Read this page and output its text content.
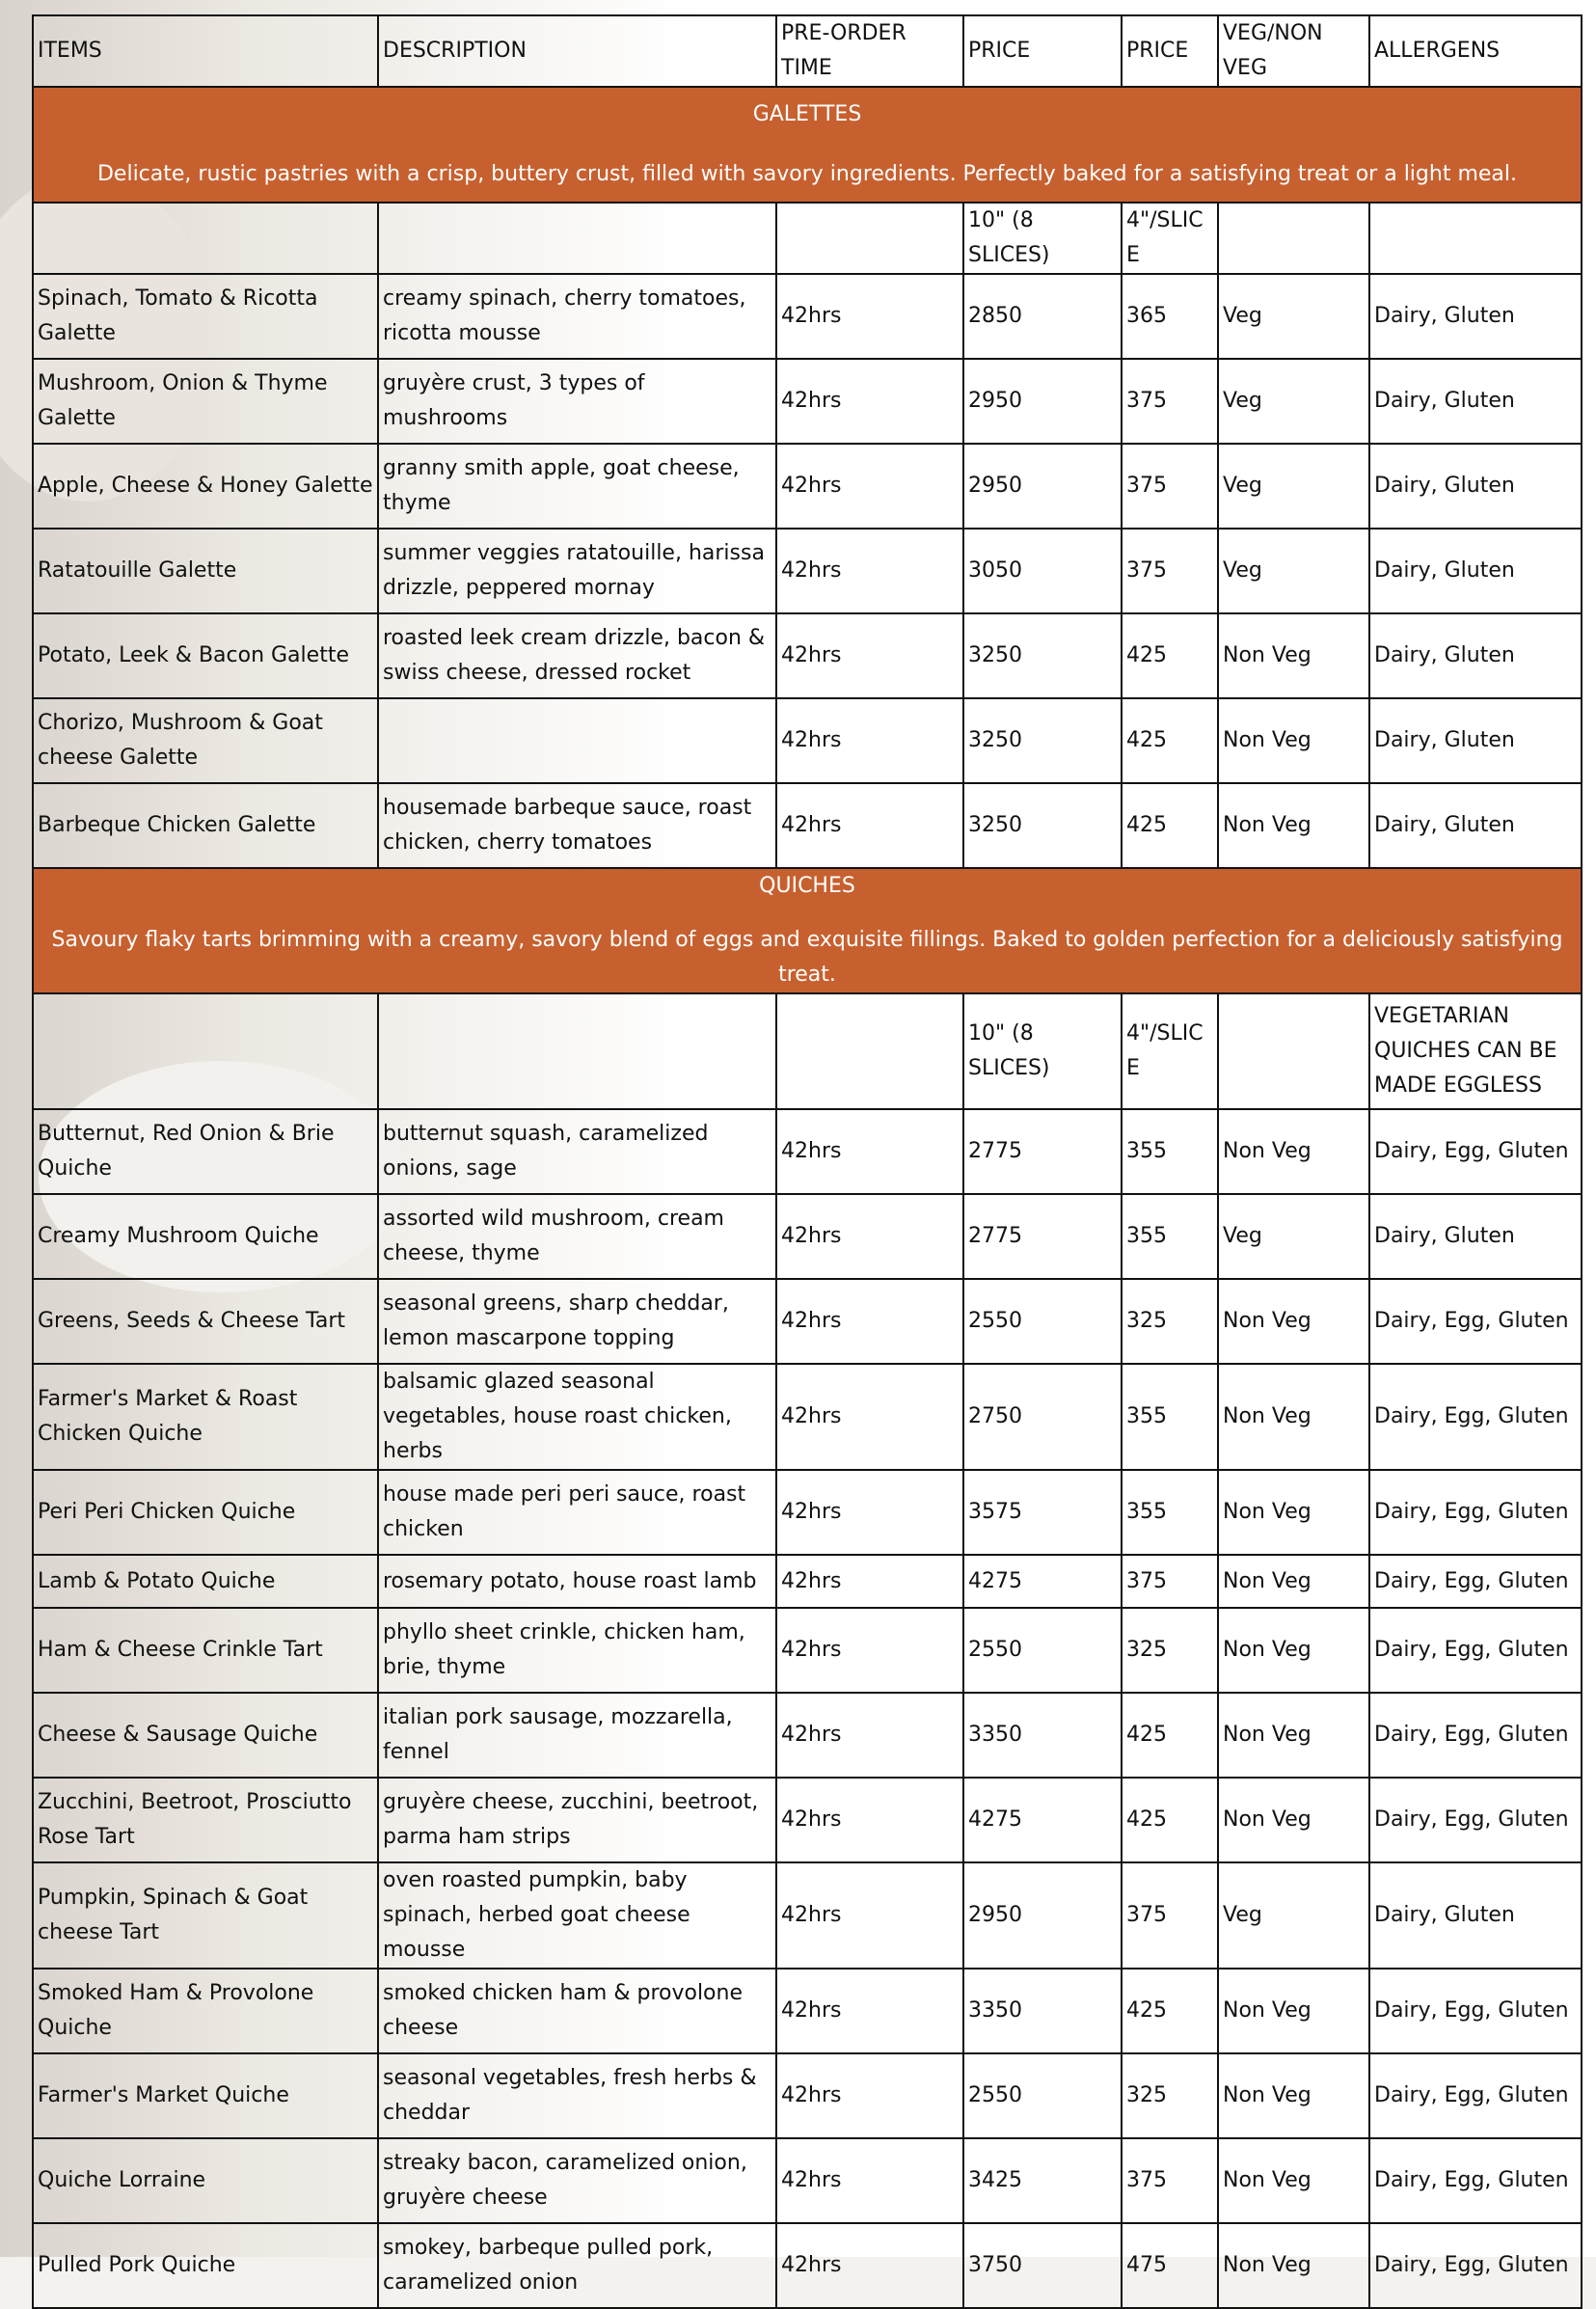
ITEMS	DESCRIPTION	PRE-ORDER TIME	PRICE	PRICE	VEG/NON VEG	ALLERGENS

GALETTES
Delicate, rustic pastries with a crisp, buttery crust, filled with savory ingredients. Perfectly baked for a satisfying treat or a light meal.						
			10" (8 SLICES)	4"/SLICE		
Spinach, Tomato & Ricotta Galette	creamy spinach, cherry tomatoes, ricotta mousse	42hrs	2850	365	Veg	Dairy, Gluten
Mushroom, Onion & Thyme Galette	gruyère crust, 3 types of mushrooms	42hrs	2950	375	Veg	Dairy, Gluten
Apple, Cheese & Honey Galette	granny smith apple, goat cheese, thyme	42hrs	2950	375	Veg	Dairy, Gluten
Ratatouille Galette	summer veggies ratatouille, harissa drizzle, peppered mornay	42hrs	3050	375	Veg	Dairy, Gluten
Potato, Leek & Bacon Galette	roasted leek cream drizzle, bacon & swiss cheese, dressed rocket	42hrs	3250	425	Non Veg	Dairy, Gluten
Chorizo, Mushroom & Goat cheese Galette		42hrs	3250	425	Non Veg	Dairy, Gluten
Barbeque Chicken Galette	housemade barbeque sauce, roast chicken, cherry tomatoes	42hrs	3250	425	Non Veg	Dairy, Gluten

QUICHES
Savoury flaky tarts brimming with a creamy, savory blend of eggs and exquisite fillings. Baked to golden perfection for a deliciously satisfying treat.						
			10" (8 SLICES)	4"/SLICE		VEGETARIAN QUICHES CAN BE MADE EGGLESS
Butternut, Red Onion & Brie Quiche	butternut squash, caramelized onions, sage	42hrs	2775	355	Non Veg	Dairy, Egg, Gluten
Creamy Mushroom Quiche	assorted wild mushroom, cream cheese, thyme	42hrs	2775	355	Veg	Dairy, Gluten
Greens, Seeds & Cheese Tart	seasonal greens, sharp cheddar, lemon mascarpone topping	42hrs	2550	325	Non Veg	Dairy, Egg, Gluten
Farmer's Market & Roast Chicken Quiche	balsamic glazed seasonal vegetables, house roast chicken, herbs	42hrs	2750	355	Non Veg	Dairy, Egg, Gluten
Peri Peri Chicken Quiche	house made peri peri sauce, roast chicken	42hrs	3575	355	Non Veg	Dairy, Egg, Gluten
Lamb & Potato Quiche	rosemary potato, house roast lamb	42hrs	4275	375	Non Veg	Dairy, Egg, Gluten
Ham & Cheese Crinkle Tart	phyllo sheet crinkle, chicken ham, brie, thyme	42hrs	2550	325	Non Veg	Dairy, Egg, Gluten
Cheese & Sausage Quiche	italian pork sausage, mozzarella, fennel	42hrs	3350	425	Non Veg	Dairy, Egg, Gluten
Zucchini, Beetroot, Prosciutto Rose Tart	gruyère cheese, zucchini, beetroot, parma ham strips	42hrs	4275	425	Non Veg	Dairy, Egg, Gluten
Pumpkin, Spinach & Goat cheese Tart	oven roasted pumpkin, baby spinach, herbed goat cheese mousse	42hrs	2950	375	Veg	Dairy, Gluten
Smoked Ham & Provolone Quiche	smoked chicken ham & provolone cheese	42hrs	3350	425	Non Veg	Dairy, Egg, Gluten
Farmer's Market Quiche	seasonal vegetables, fresh herbs & cheddar	42hrs	2550	325	Non Veg	Dairy, Egg, Gluten
Quiche Lorraine	streaky bacon, caramelized onion, gruyère cheese	42hrs	3425	375	Non Veg	Dairy, Egg, Gluten
Pulled Pork Quiche	smokey, barbeque pulled pork, caramelized onion	42hrs	3750	475	Non Veg	Dairy, Egg, Gluten
